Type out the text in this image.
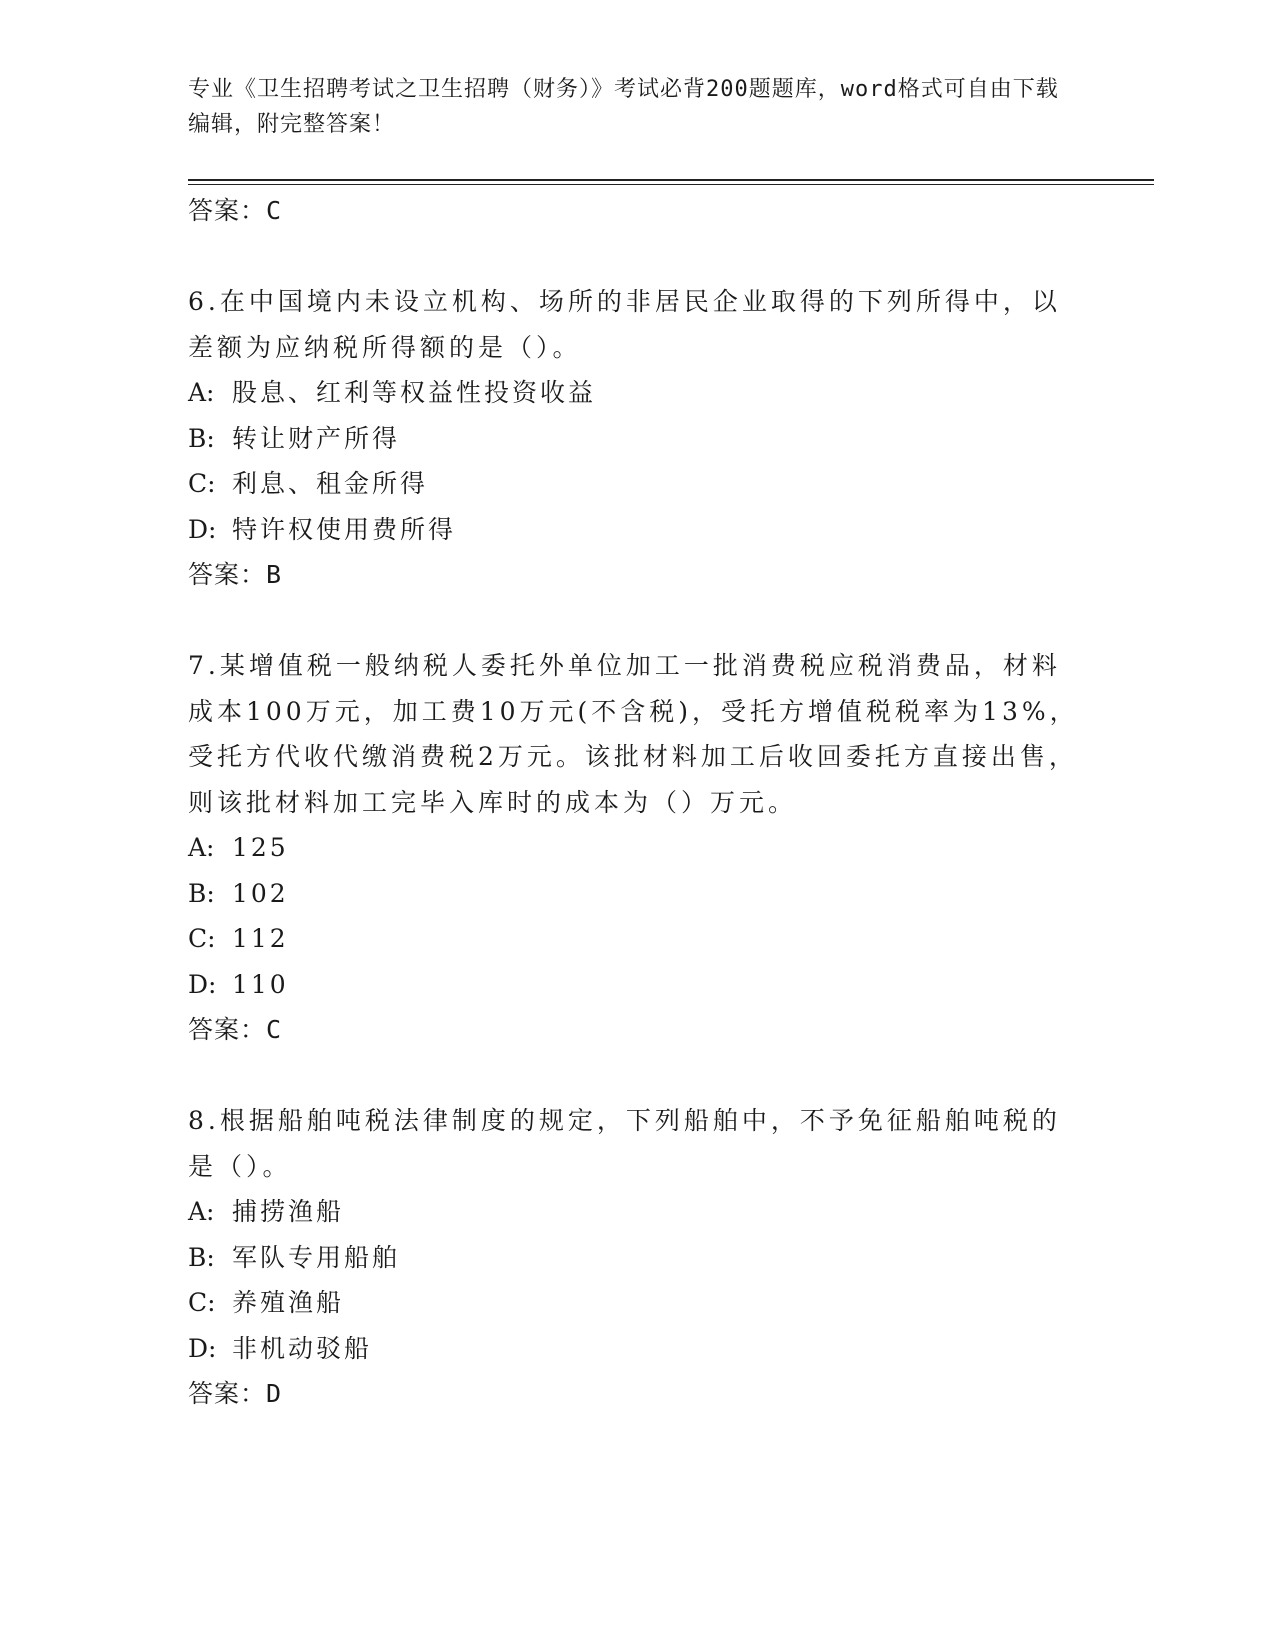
专业《卫生招聘考试之卫生招聘（财务）》考试必背200题题库，word格式可自由下载编辑，附完整答案！
答案：C
6.在中国境内未设立机构、场所的非居民企业取得的下列所得中，以差额为应纳税所得额的是（）。
A: 股息、红利等权益性投资收益
B: 转让财产所得
C: 利息、租金所得
D: 特许权使用费所得
答案：B
7.某增值税一般纳税人委托外单位加工一批消费税应税消费品，材料成本100万元，加工费10万元(不含税)，受托方增值税税率为13%，受托方代收代缴消费税2万元。该批材料加工后收回委托方直接出售，则该批材料加工完毕入库时的成本为（）万元。
A: 125
B: 102
C: 112
D: 110
答案：C
8.根据船舶吨税法律制度的规定，下列船舶中，不予免征船舶吨税的是（）。
A: 捕捞渔船
B: 军队专用船舶
C: 养殖渔船
D: 非机动驳船
答案：D
